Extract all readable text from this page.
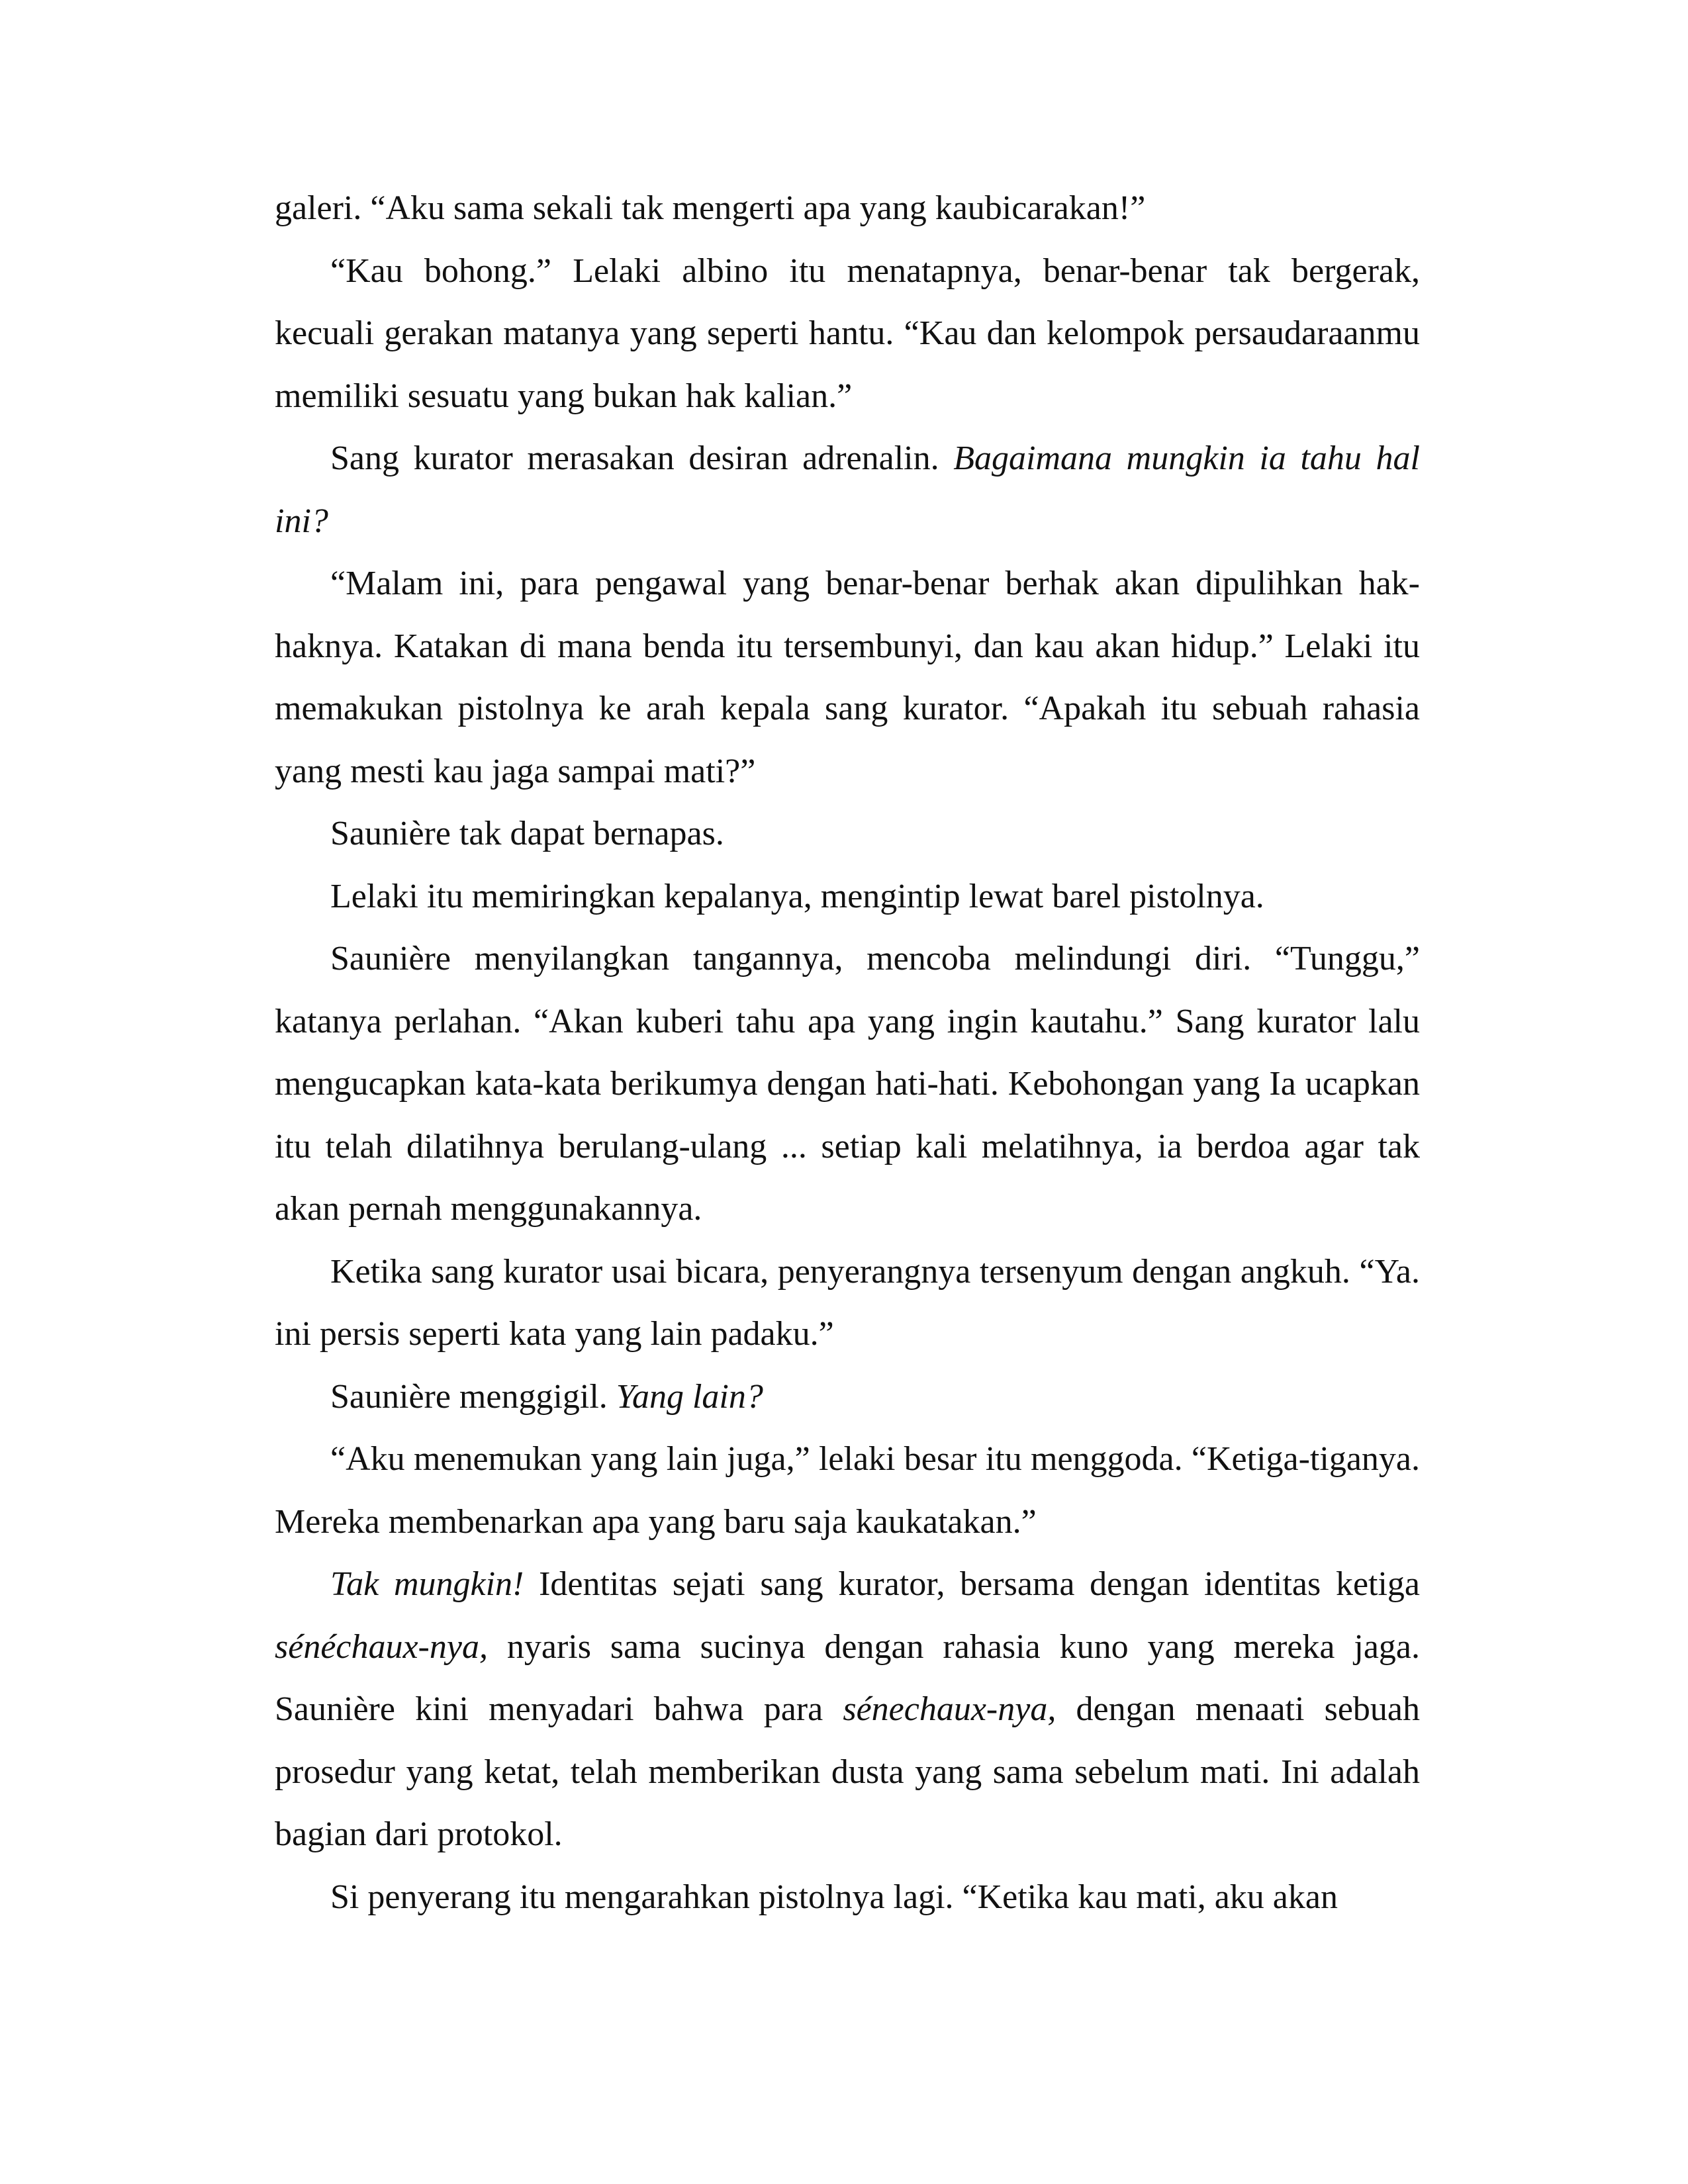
galeri. “Aku sama sekali tak mengerti apa yang kaubicarakan!”

“Kau bohong.” Lelaki albino itu menatapnya, benar-benar tak bergerak, kecuali gerakan matanya yang seperti hantu. “Kau dan kelompok persaudaraanmu memiliki sesuatu yang bukan hak kalian.”

Sang kurator merasakan desiran adrenalin. Bagaimana mungkin ia tahu hal ini?

“Malam ini, para pengawal yang benar-benar berhak akan dipulihkan hak-haknya. Katakan di mana benda itu tersembunyi, dan kau akan hidup.” Lelaki itu memakukan pistolnya ke arah kepala sang kurator. “Apakah itu sebuah rahasia yang mesti kau jaga sampai mati?”

Saunière tak dapat bernapas.

Lelaki itu memiringkan kepalanya, mengintip lewat barel pistolnya.

Saunière menyilangkan tangannya, mencoba melindungi diri. “Tunggu,” katanya perlahan. “Akan kuberi tahu apa yang ingin kautahu.” Sang kurator lalu mengucapkan kata-kata berikumya dengan hati-hati. Kebohongan yang Ia ucapkan itu telah dilatihnya berulang-ulang ... setiap kali melatihnya, ia berdoa agar tak akan pernah menggunakannya.

Ketika sang kurator usai bicara, penyerangnya tersenyum dengan angkuh. “Ya. ini persis seperti kata yang lain padaku.”

Saunière menggigil. Yang lain?

“Aku menemukan yang lain juga,” lelaki besar itu menggoda. “Ketiga-tiganya. Mereka membenarkan apa yang baru saja kaukatakan.”

Tak mungkin! Identitas sejati sang kurator, bersama dengan identitas ketiga sénéchaux-nya, nyaris sama sucinya dengan rahasia kuno yang mereka jaga. Saunière kini menyadari bahwa para sénechaux-nya, dengan menaati sebuah prosedur yang ketat, telah memberikan dusta yang sama sebelum mati. Ini adalah bagian dari protokol.

Si penyerang itu mengarahkan pistolnya lagi. “Ketika kau mati, aku akan
